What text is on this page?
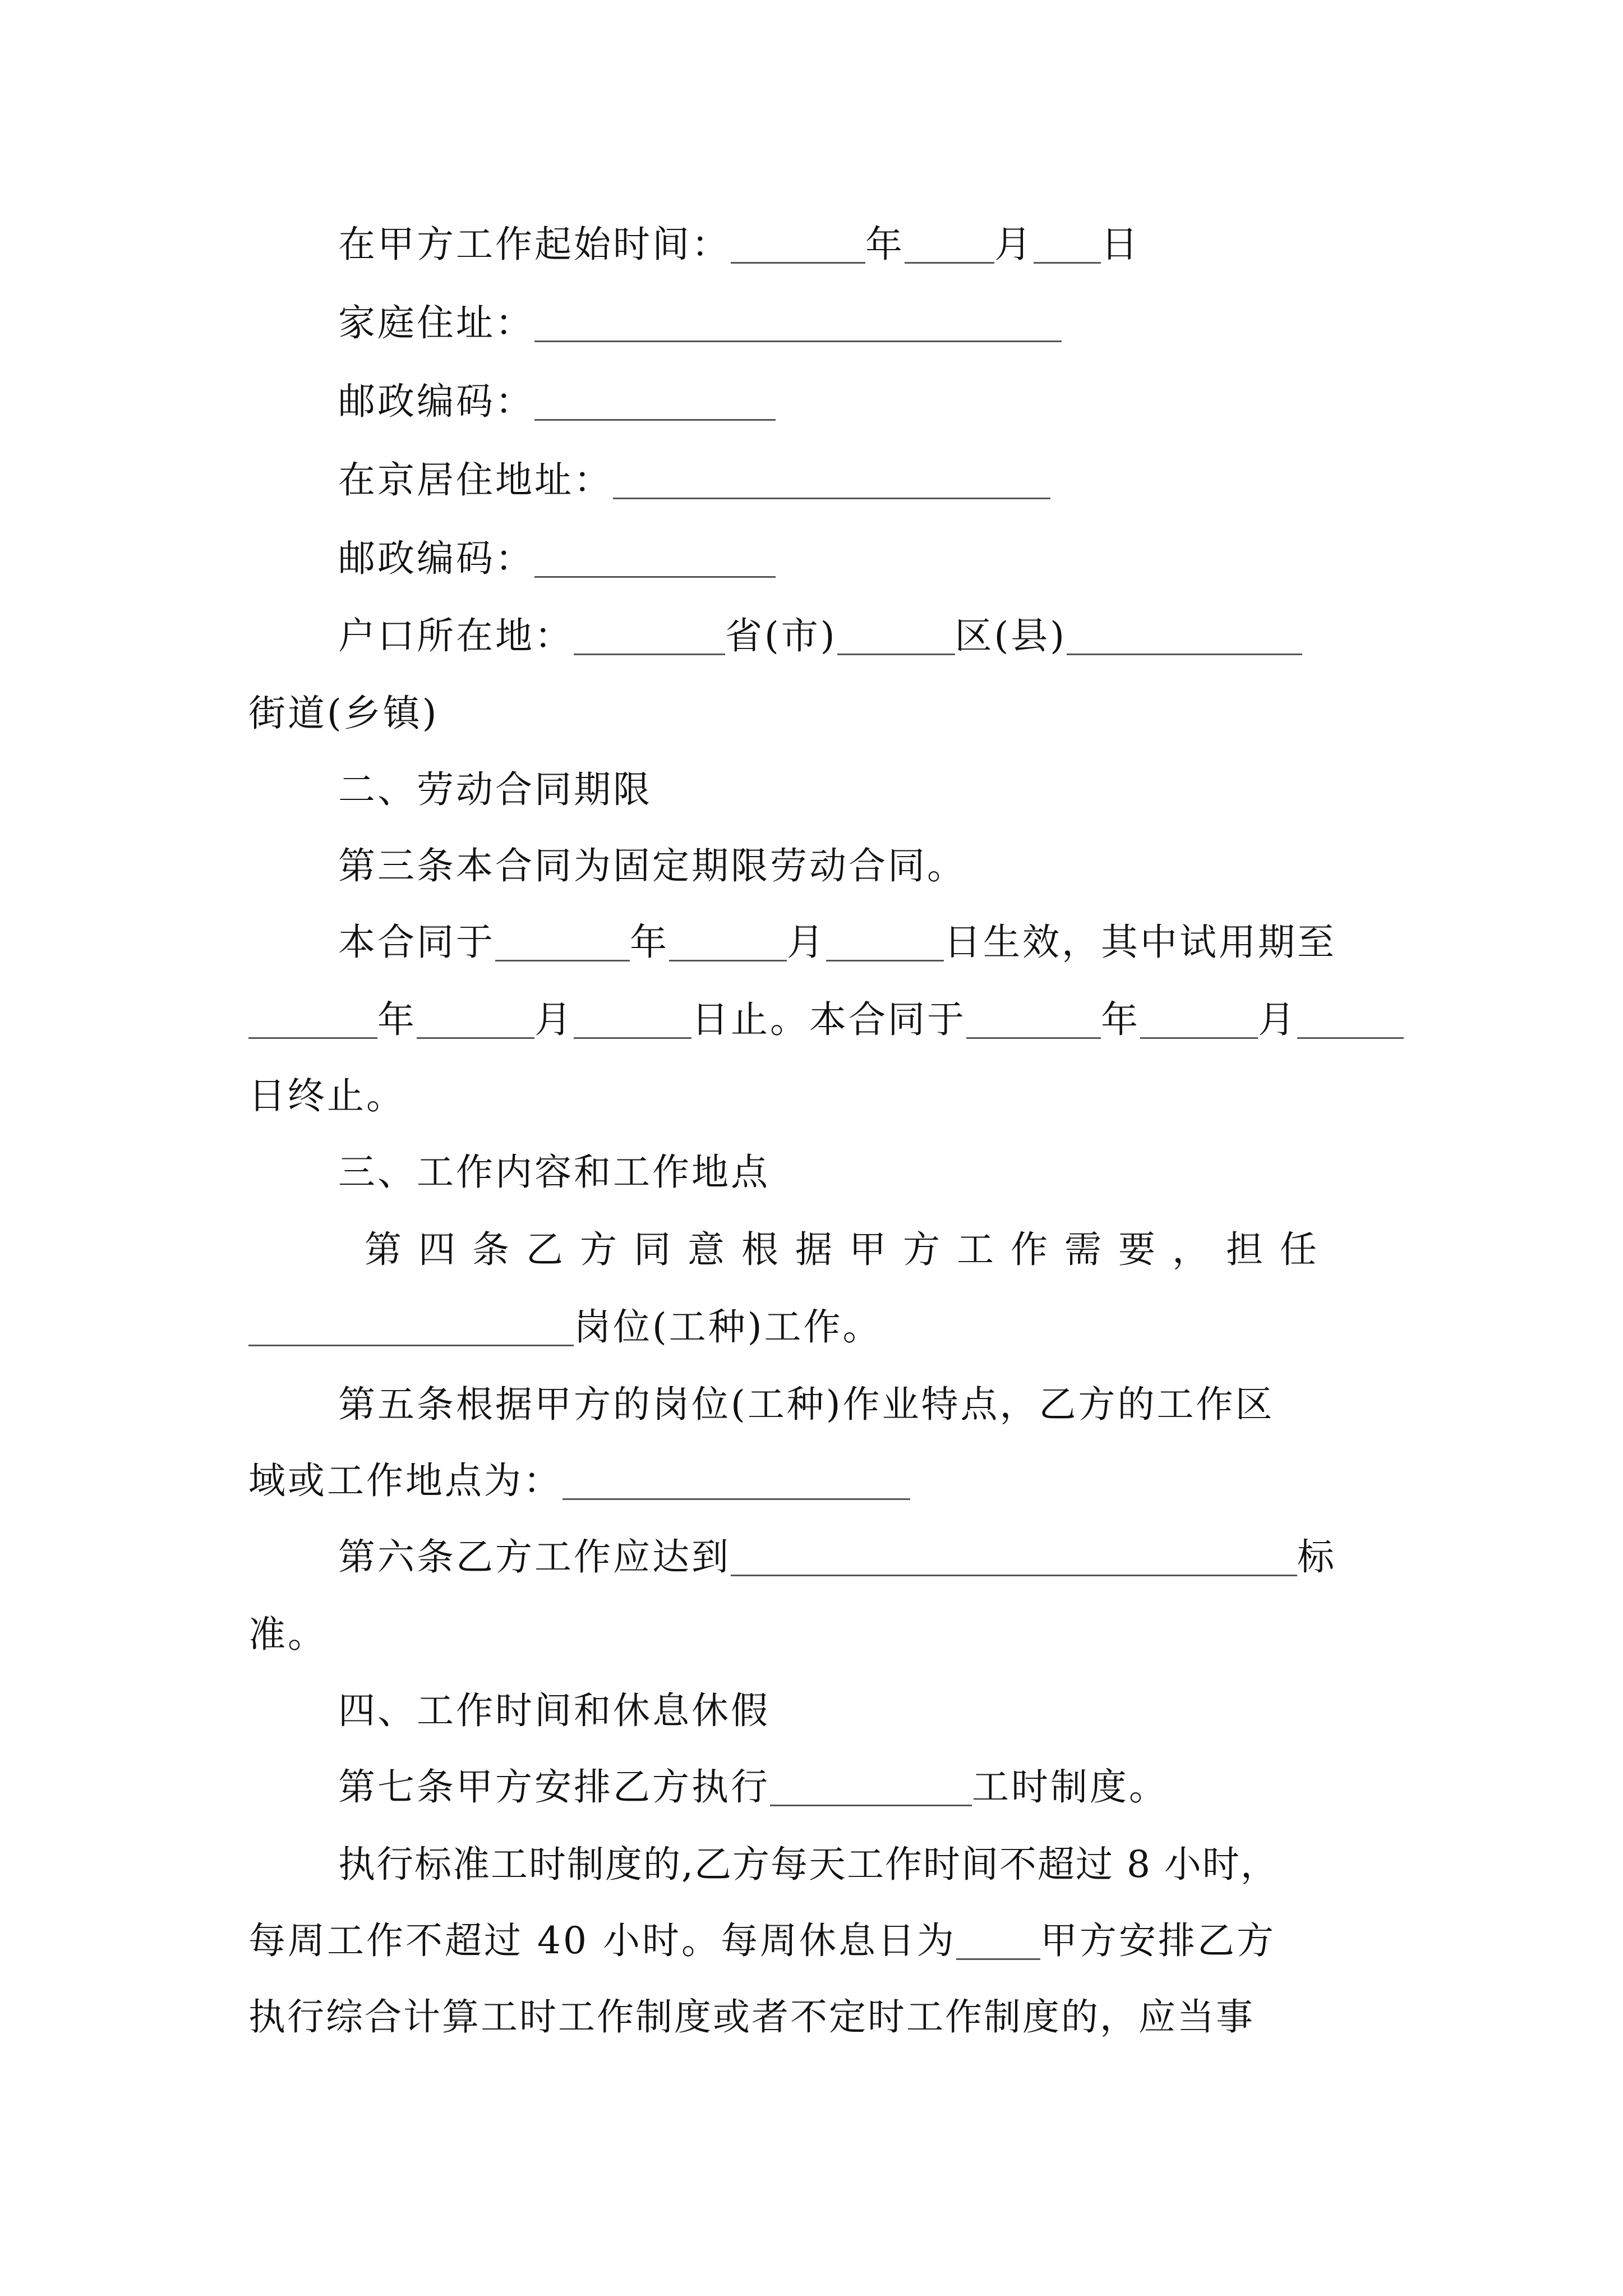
在甲方工作起始时间：	年 月 日
家庭住址：
邮政编码：
在京居住地址：
邮政编码：
户口所在地：	省(市)	区(县)
街道(乡镇)
二、劳动合同期限
第三条本合同为固定期限劳动合同。
本合同于	年	月	日生效，其中试用期至
年	月	日止。本合同于	年	月
日终止。
三、工作内容和工作地点
第四条乙方同意根据甲方工作需要，担任
岗位(工种)工作。
第五条根据甲方的岗位(工种)作业特点，乙方的工作区
域或工作地点为：
第六条乙方工作应达到	标
准。
四、工作时间和休息休假
第七条甲方安排乙方执行	工时制度。
执行标准工时制度的,乙方每天工作时间不超过 8 小时，
每周工作不超过 40 小时。每周休息日为 甲方安排乙方
执行综合计算工时工作制度或者不定时工作制度的，应当事
